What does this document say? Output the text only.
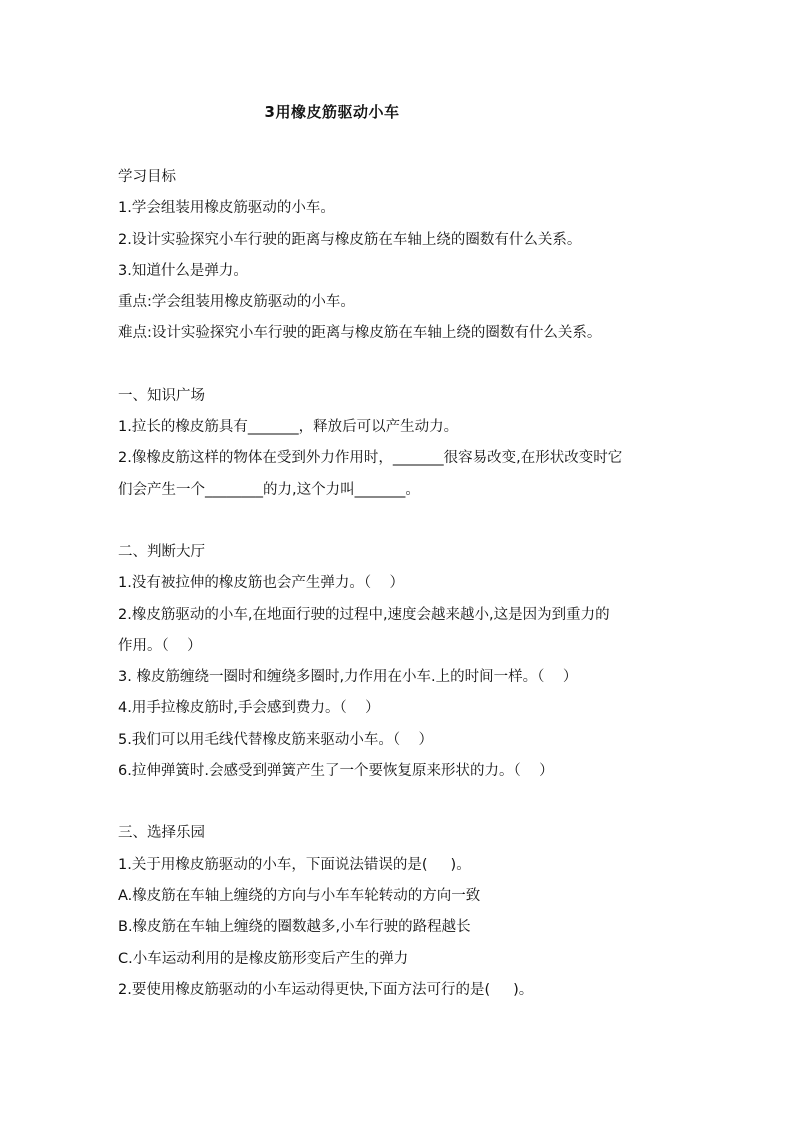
3用橡皮筋驱动小车
学习目标
1.学会组装用橡皮筋驱动的小车。
2.设计实验探究小车行驶的距离与橡皮筋在车轴上绕的圈数有什么关系。
3.知道什么是弹力。
重点:学会组装用橡皮筋驱动的小车。
难点:设计实验探究小车行驶的距离与橡皮筋在车轴上绕的圈数有什么关系。
一、知识广场
1.拉长的橡皮筋具有_______，释放后可以产生动力。
2.像橡皮筋这样的物体在受到外力作用时，_______很容易改变,在形状改变时它
们会产生一个________的力,这个力叫_______。
二、判断大厅
1.没有被拉伸的橡皮筋也会产生弹力。（    ）
2.橡皮筋驱动的小车,在地面行驶的过程中,速度会越来越小,这是因为到重力的
作用。（    ）
3. 橡皮筋缠绕一圈时和缠绕多圈时,力作用在小车.上的时间一样。（    ）
4.用手拉橡皮筋时,手会感到费力。（    ）
5.我们可以用毛线代替橡皮筋来驱动小车。（    ）
6.拉伸弹簧时.会感受到弹簧产生了一个要恢复原来形状的力。（    ）
三、选择乐园
1.关于用橡皮筋驱动的小车，下面说法错误的是(     )。
A.橡皮筋在车轴上缠绕的方向与小车车轮转动的方向一致
B.橡皮筋在车轴上缠绕的圈数越多,小车行驶的路程越长
C.小车运动利用的是橡皮筋形变后产生的弹力
2.要使用橡皮筋驱动的小车运动得更快,下面方法可行的是(     )。
